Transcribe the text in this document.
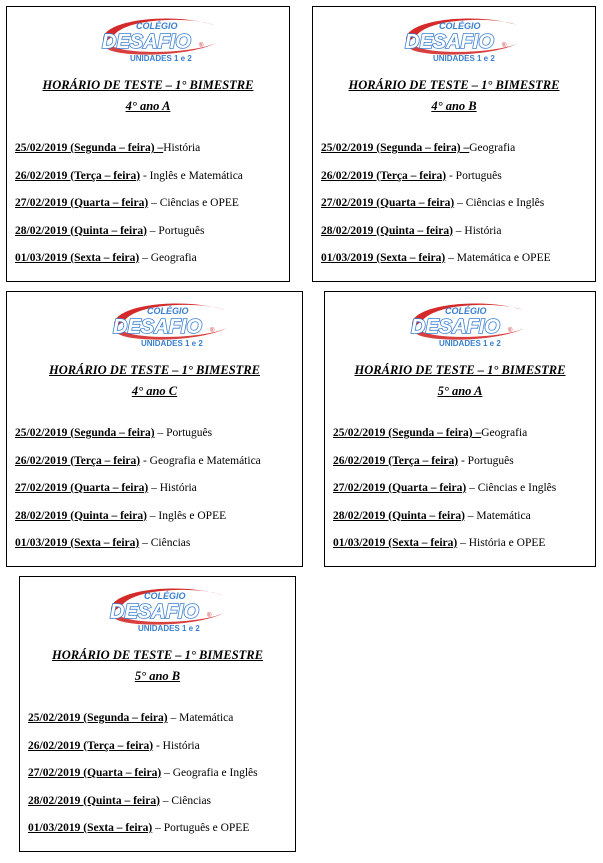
COLÉGIO
DESAFIO ®
UNIDADES 1 e 2
HORÁRIO DE TESTE – 1° BIMESTRE
4° ano A
25/02/2019 (Segunda – feira) –História
26/02/2019 (Terça – feira) - Inglês e Matemática
27/02/2019 (Quarta – feira) – Ciências e OPEE
28/02/2019 (Quinta – feira) – Português
01/03/2019 (Sexta – feira) – Geografia
COLÉGIO
DESAFIO ®
UNIDADES 1 e 2
HORÁRIO DE TESTE – 1° BIMESTRE
4° ano B
25/02/2019 (Segunda – feira) –Geografia
26/02/2019 (Terça – feira) - Português
27/02/2019 (Quarta – feira) – Ciências e Inglês
28/02/2019 (Quinta – feira) – História
01/03/2019 (Sexta – feira) – Matemática e OPEE
COLÉGIO
DESAFIO ®
UNIDADES 1 e 2
HORÁRIO DE TESTE – 1° BIMESTRE
4° ano C
25/02/2019 (Segunda – feira) – Português
26/02/2019 (Terça – feira) - Geografia e Matemática
27/02/2019 (Quarta – feira) – História
28/02/2019 (Quinta – feira) – Inglês e OPEE
01/03/2019 (Sexta – feira) – Ciências
COLÉGIO
DESAFIO ®
UNIDADES 1 e 2
HORÁRIO DE TESTE – 1° BIMESTRE
5° ano A
25/02/2019 (Segunda – feira) –Geografia
26/02/2019 (Terça – feira) - Português
27/02/2019 (Quarta – feira) – Ciências e Inglês
28/02/2019 (Quinta – feira) – Matemática
01/03/2019 (Sexta – feira) – História e OPEE
COLÉGIO
DESAFIO ®
UNIDADES 1 e 2
HORÁRIO DE TESTE – 1° BIMESTRE
5° ano B
25/02/2019 (Segunda – feira) – Matemática
26/02/2019 (Terça – feira) - História
27/02/2019 (Quarta – feira) – Geografia e Inglês
28/02/2019 (Quinta – feira) – Ciências
01/03/2019 (Sexta – feira) – Português e OPEE
